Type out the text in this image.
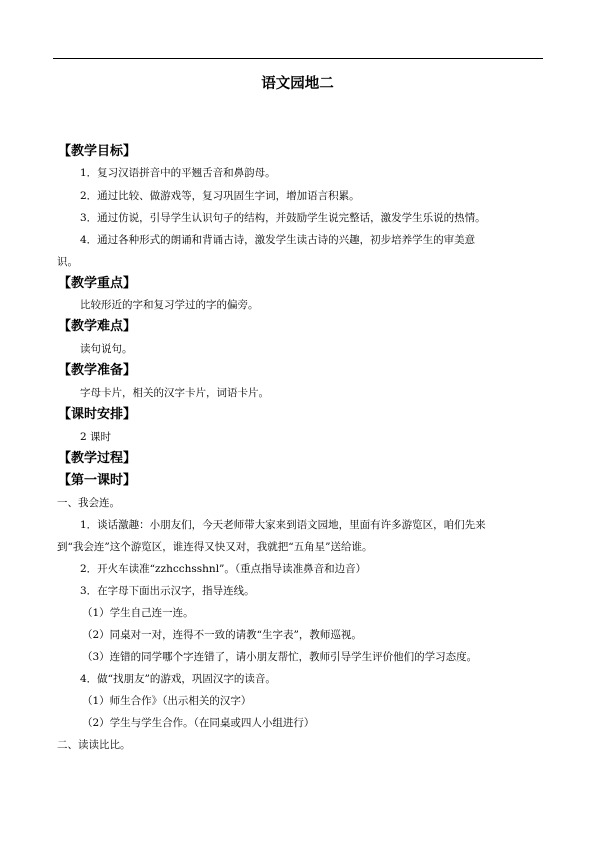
语文园地二
【教学目标】
1．复习汉语拼音中的平翘舌音和鼻韵母。
2．通过比较、做游戏等，复习巩固生字词，增加语言积累。
3．通过仿说，引导学生认识句子的结构，并鼓励学生说完整话，激发学生乐说的热情。
4．通过各种形式的朗诵和背诵古诗，激发学生读古诗的兴趣，初步培养学生的审美意
识。
【教学重点】
比较形近的字和复习学过的字的偏旁。
【教学难点】
读句说句。
【教学准备】
字母卡片，相关的汉字卡片，词语卡片。
【课时安排】
2 课时
【教学过程】
【第一课时】
一、我会连。
1．谈话激趣：小朋友们，今天老师带大家来到语文园地，里面有许多游览区，咱们先来
到“我会连”这个游览区，谁连得又快又对，我就把“五角星”送给谁。
2．开火车读准“zzhcchsshnl”。（重点指导读准鼻音和边音）
3．在字母下面出示汉字，指导连线。
（1）学生自己连一连。
（2）同桌对一对，连得不一致的请教“生字表”，教师巡视。
（3）连错的同学哪个字连错了，请小朋友帮忙，教师引导学生评价他们的学习态度。
4．做“找朋友”的游戏，巩固汉字的读音。
（1）师生合作》（出示相关的汉字）
（2）学生与学生合作。（在同桌或四人小组进行）
二、读读比比。
